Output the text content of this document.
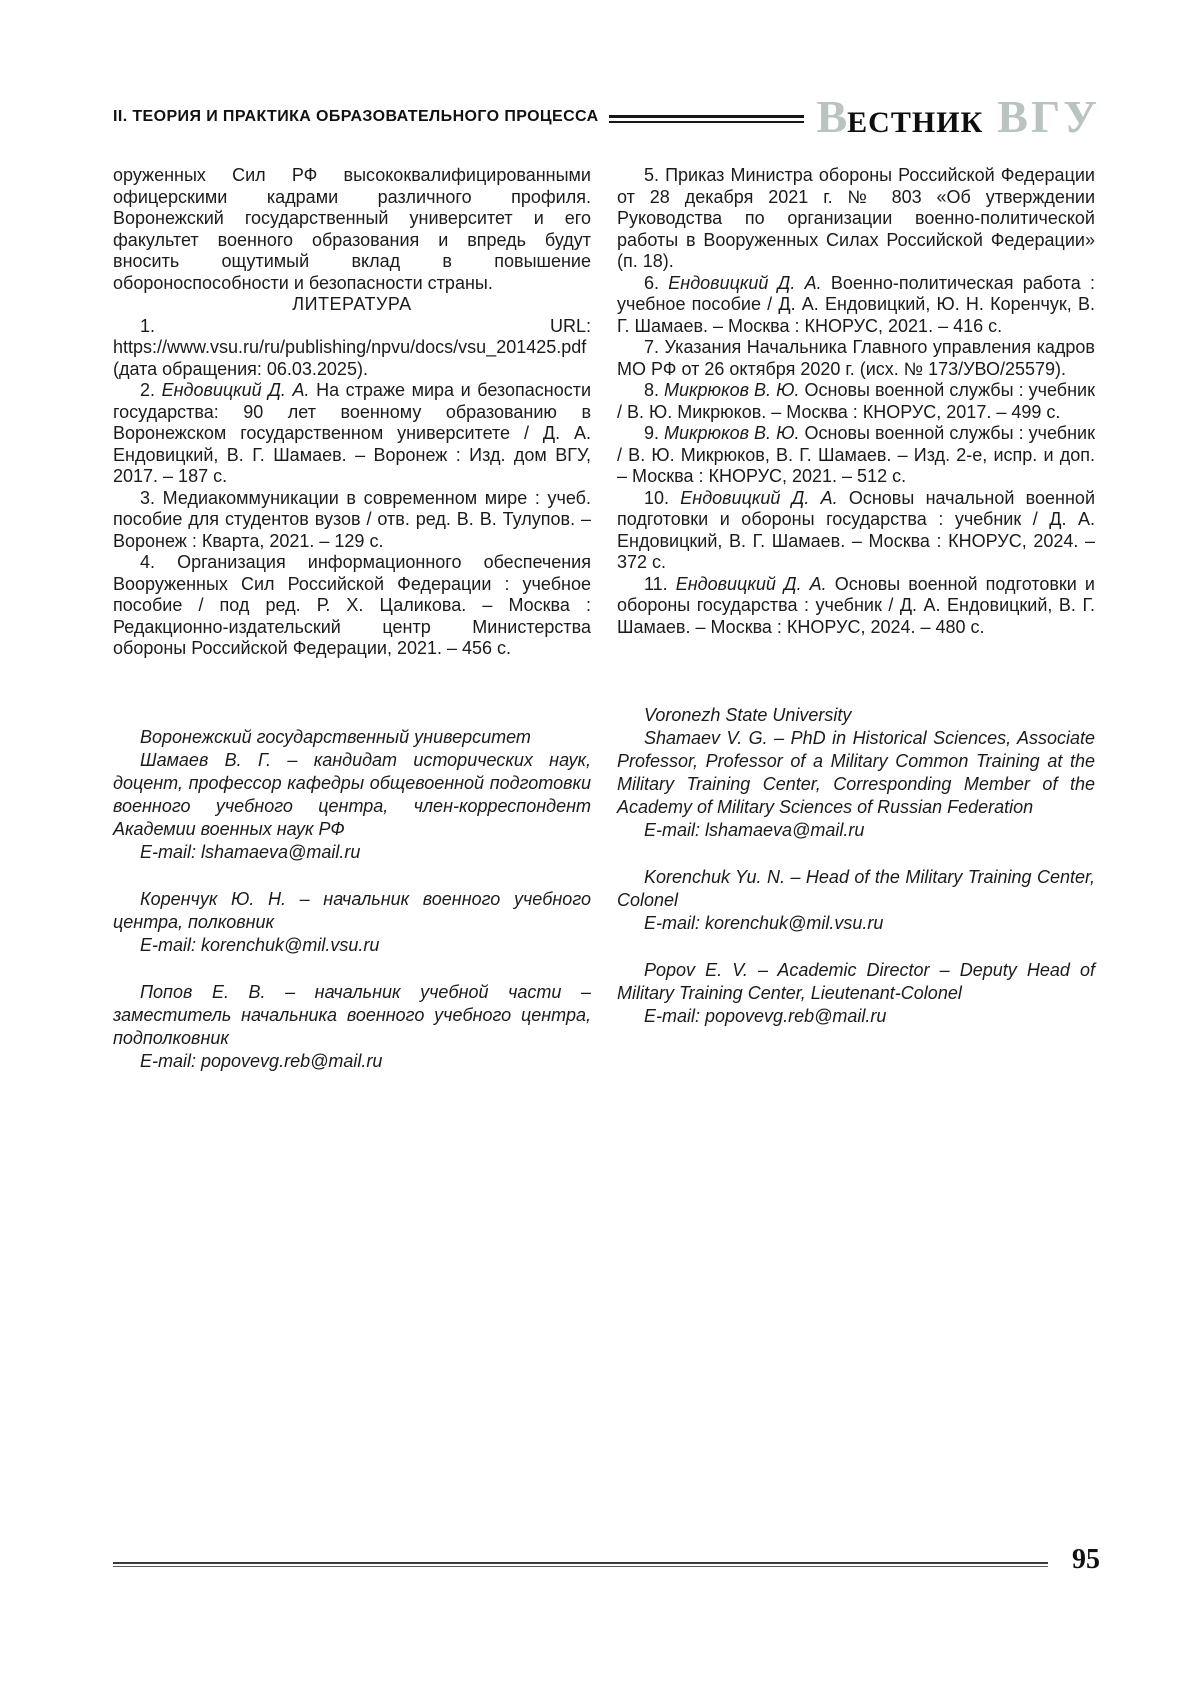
II. ТЕОРИЯ И ПРАКТИКА ОБРАЗОВАТЕЛЬНОГО ПРОЦЕССА	ВЕСТНИК ВГУ

оруженных Сил РФ высококвалифицированными офицерскими кадрами различного профиля. Воронежский государственный университет и его факультет военного образования и впредь будут вносить ощутимый вклад в повышение обороноспособности и безопасности страны.

ЛИТЕРАТУРА

1. URL: https://www.vsu.ru/ru/publishing/npvu/docs/vsu_201425.pdf (дата обращения: 06.03.2025).

2. Ендовицкий Д. А. На страже мира и безопасности государства: 90 лет военному образованию в Воронежском государственном университете / Д. А. Ендовицкий, В. Г. Шамаев. – Воронеж : Изд. дом ВГУ, 2017. – 187 с.

3. Медиакоммуникации в современном мире : учеб. пособие для студентов вузов / отв. ред. В. В. Тулупов. – Воронеж : Кварта, 2021. – 129 с.

4. Организация информационного обеспечения Вооруженных Сил Российской Федерации : учебное пособие / под ред. Р. Х. Цаликова. – Москва : Редакционно-издательский центр Министерства обороны Российской Федерации, 2021. – 456 с.

Воронежский государственный университет

Шамаев В. Г. – кандидат исторических наук, доцент, профессор кафедры общевоенной подготовки военного учебного центра, член-корреспондент Академии военных наук РФ

E-mail: lshamaeva@mail.ru

Коренчук Ю. Н. – начальник военного учебного центра, полковник

E-mail: korenchuk@mil.vsu.ru

Попов Е. В. – начальник учебной части – заместитель начальника военного учебного центра, подполковник

E-mail: popovevg.reb@mail.ru

5. Приказ Министра обороны Российской Федерации от 28 декабря 2021 г. № 803 «Об утверждении Руководства по организации военно-политической работы в Вооруженных Силах Российской Федерации» (п. 18).

6. Ендовицкий Д. А. Военно-политическая работа : учебное пособие / Д. А. Ендовицкий, Ю. Н. Коренчук, В. Г. Шамаев. – Москва : КНОРУС, 2021. – 416 с.

7. Указания Начальника Главного управления кадров МО РФ от 26 октября 2020 г. (исх. № 173/УВО/25579).

8. Микрюков В. Ю. Основы военной службы : учебник / В. Ю. Микрюков. – Москва : КНОРУС, 2017. – 499 с.

9. Микрюков В. Ю. Основы военной службы : учебник / В. Ю. Микрюков, В. Г. Шамаев. – Изд. 2-е, испр. и доп. – Москва : КНОРУС, 2021. – 512 с.

10. Ендовицкий Д. А. Основы начальной военной подготовки и обороны государства : учебник / Д. А. Ендовицкий, В. Г. Шамаев. – Москва : КНОРУС, 2024. – 372 с.

11. Ендовицкий Д. А. Основы военной подготовки и обороны государства : учебник / Д. А. Ендовицкий, В. Г. Шамаев. – Москва : КНОРУС, 2024. – 480 с.

Voronezh State University

Shamaev V. G. – PhD in Historical Sciences, Associate Professor, Professor of a Military Common Training at the Military Training Center, Corresponding Member of the Academy of Military Sciences of Russian Federation

E-mail: lshamaeva@mail.ru

Korenchuk Yu. N. – Head of the Military Training Center, Colonel

E-mail: korenchuk@mil.vsu.ru

Popov E. V. – Academic Director – Deputy Head of Military Training Center, Lieutenant-Colonel

E-mail: popovevg.reb@mail.ru

95
